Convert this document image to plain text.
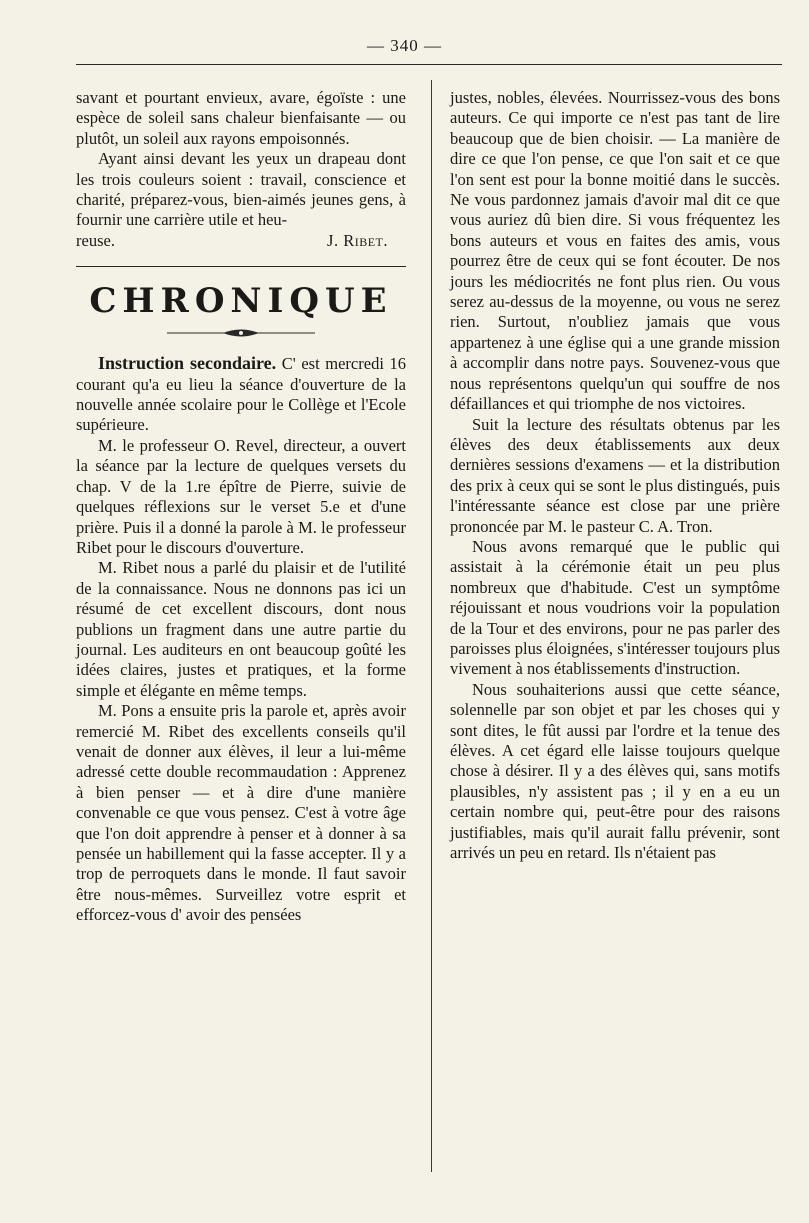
— 340 —

savant et pourtant envieux, avare, égoïste : une espèce de soleil sans chaleur bienfaisante — ou plutôt, un soleil aux rayons empoisonnés.

Ayant ainsi devant les yeux un drapeau dont les trois couleurs soient : travail, conscience et charité, préparez-vous, bien-aimés jeunes gens, à fournir une carrière utile et heu-

reuse.	J. Ribet.
CHRONIQUE

Instruction secondaire. C' est mercredi 16 courant qu'a eu lieu la séance d'ouverture de la nouvelle année scolaire pour le Collège et l'Ecole supérieure.

M. le professeur O. Revel, directeur, a ouvert la séance par la lecture de quelques versets du chap. V de la 1.re épître de Pierre, suivie de quelques réflexions sur le verset 5.e et d'une prière. Puis il a donné la parole à M. le professeur Ribet pour le discours d'ouverture.

M. Ribet nous a parlé du plaisir et de l'utilité de la connaissance. Nous ne donnons pas ici un résumé de cet excellent discours, dont nous publions un fragment dans une autre partie du journal. Les auditeurs en ont beaucoup goûté les idées claires, justes et pratiques, et la forme simple et élégante en même temps.

M. Pons a ensuite pris la parole et, après avoir remercié M. Ribet des excellents conseils qu'il venait de donner aux élèves, il leur a lui-même adressé cette double recommaudation : Apprenez à bien penser — et à dire d'une manière convenable ce que vous pensez. C'est à votre âge que l'on doit apprendre à penser et à donner à sa pensée un habillement qui la fasse accepter. Il y a trop de perroquets dans le monde. Il faut savoir être nous-mêmes. Surveillez votre esprit et efforcez-vous d' avoir des pensées

justes, nobles, élevées. Nourrissez-vous des bons auteurs. Ce qui importe ce n'est pas tant de lire beaucoup que de bien choisir. — La manière de dire ce que l'on pense, ce que l'on sait et ce que l'on sent est pour la bonne moitié dans le succès. Ne vous pardonnez jamais d'avoir mal dit ce que vous auriez dû bien dire. Si vous fréquentez les bons auteurs et vous en faites des amis, vous pourrez être de ceux qui se font écouter. De nos jours les médiocrités ne font plus rien. Ou vous serez au-dessus de la moyenne, ou vous ne serez rien. Surtout, n'oubliez jamais que vous appartenez à une église qui a une grande mission à accomplir dans notre pays. Souvenez-vous que nous représentons quelqu'un qui souffre de nos défaillances et qui triomphe de nos victoires.

Suit la lecture des résultats obtenus par les élèves des deux établissements aux deux dernières sessions d'examens — et la distribution des prix à ceux qui se sont le plus distingués, puis l'intéressante séance est close par une prière prononcée par M. le pasteur C. A. Tron.

Nous avons remarqué que le public qui assistait à la cérémonie était un peu plus nombreux que d'habitude. C'est un symptôme réjouissant et nous voudrions voir la population de la Tour et des environs, pour ne pas parler des paroisses plus éloignées, s'intéresser toujours plus vivement à nos établissements d'instruction.

Nous souhaiterions aussi que cette séance, solennelle par son objet et par les choses qui y sont dites, le fût aussi par l'ordre et la tenue des élèves. A cet égard elle laisse toujours quelque chose à désirer. Il y a des élèves qui, sans motifs plausibles, n'y assistent pas ; il y en a eu un certain nombre qui, peut-être pour des raisons justifiables, mais qu'il aurait fallu prévenir, sont arrivés un peu en retard. Ils n'étaient pas
